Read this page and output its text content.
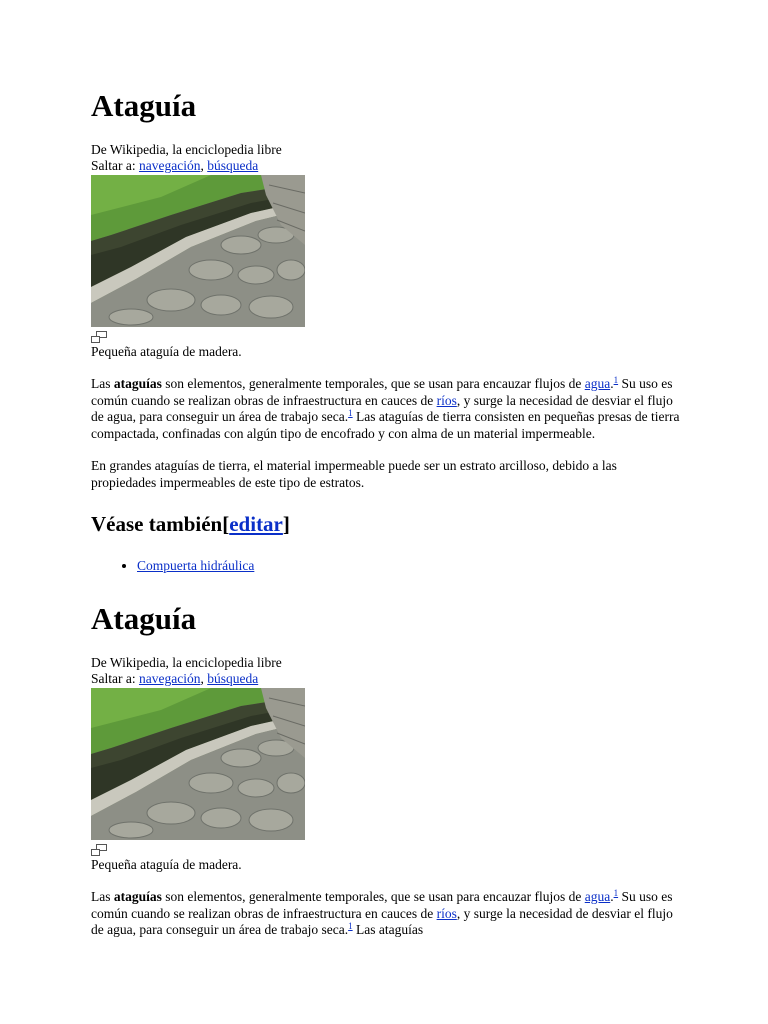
Ataguía
De Wikipedia, la enciclopedia libre
Saltar a: navegación, búsqueda
Pequeña ataguía de madera.

Las ataguías son elementos, generalmente temporales, que se usan para encauzar flujos de agua.$^1$ Su uso es común cuando se realizan obras de infraestructura en cauces de ríos, y surge la necesidad de desviar el flujo de agua, para conseguir un área de trabajo seca.$^1$ Las ataguías de tierra consisten en pequeñas presas de tierra compactada, confinadas con algún tipo de encofrado y con alma de un material impermeable.

En grandes ataguías de tierra, el material impermeable puede ser un estrato arcilloso, debido a las propiedades impermeables de este tipo de estratos.

Véase también[editar]
• Compuerta hidráulica
Ataguía
De Wikipedia, la enciclopedia libre
Saltar a: navegación, búsqueda
Pequeña ataguía de madera.

Las ataguías son elementos, generalmente temporales, que se usan para encauzar flujos de agua.$^1$ Su uso es común cuando se realizan obras de infraestructura en cauces de ríos, y surge la necesidad de desviar el flujo de agua, para conseguir un área de trabajo seca.$^1$ Las ataguías
